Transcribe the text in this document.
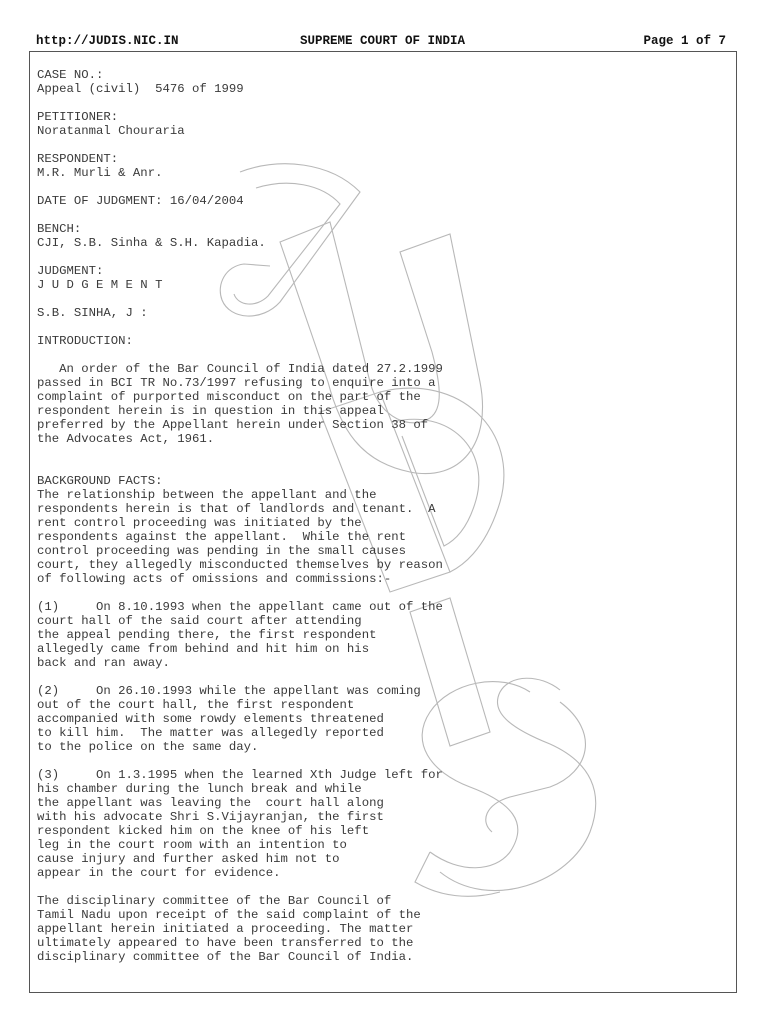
http://JUDIS.NIC.IN	SUPREME COURT OF INDIA	Page 1 of 7
CASE NO.:
Appeal (civil)  5476 of 1999
PETITIONER:
Noratanmal Chouraria
RESPONDENT:
M.R. Murli & Anr.
DATE OF JUDGMENT: 16/04/2004
BENCH:
CJI, S.B. Sinha & S.H. Kapadia.
JUDGMENT:
J U D G E M E N T
S.B. SINHA, J :
INTRODUCTION:
An order of the Bar Council of India dated 27.2.1999
passed in BCI TR No.73/1997 refusing to enquire into a
complaint of purported misconduct on the part of the
respondent herein is in question in this appeal
preferred by the Appellant herein under Section 38 of
the Advocates Act, 1961.
BACKGROUND FACTS:
The relationship between the appellant and the
respondents herein is that of landlords and tenant.  A
rent control proceeding was initiated by the
respondents against the appellant.  While the rent
control proceeding was pending in the small causes
court, they allegedly misconducted themselves by reason
of following acts of omissions and commissions:-
(1)     On 8.10.1993 when the appellant came out of the
court hall of the said court after attending
the appeal pending there, the first respondent
allegedly came from behind and hit him on his
back and ran away.
(2)     On 26.10.1993 while the appellant was coming
out of the court hall, the first respondent
accompanied with some rowdy elements threatened
to kill him.  The matter was allegedly reported
to the police on the same day.
(3)     On 1.3.1995 when the learned Xth Judge left for
his chamber during the lunch break and while
the appellant was leaving the  court hall along
with his advocate Shri S.Vijayranjan, the first
respondent kicked him on the knee of his left
leg in the court room with an intention to
cause injury and further asked him not to
appear in the court for evidence.
The disciplinary committee of the Bar Council of
Tamil Nadu upon receipt of the said complaint of the
appellant herein initiated a proceeding. The matter
ultimately appeared to have been transferred to the
disciplinary committee of the Bar Council of India.
